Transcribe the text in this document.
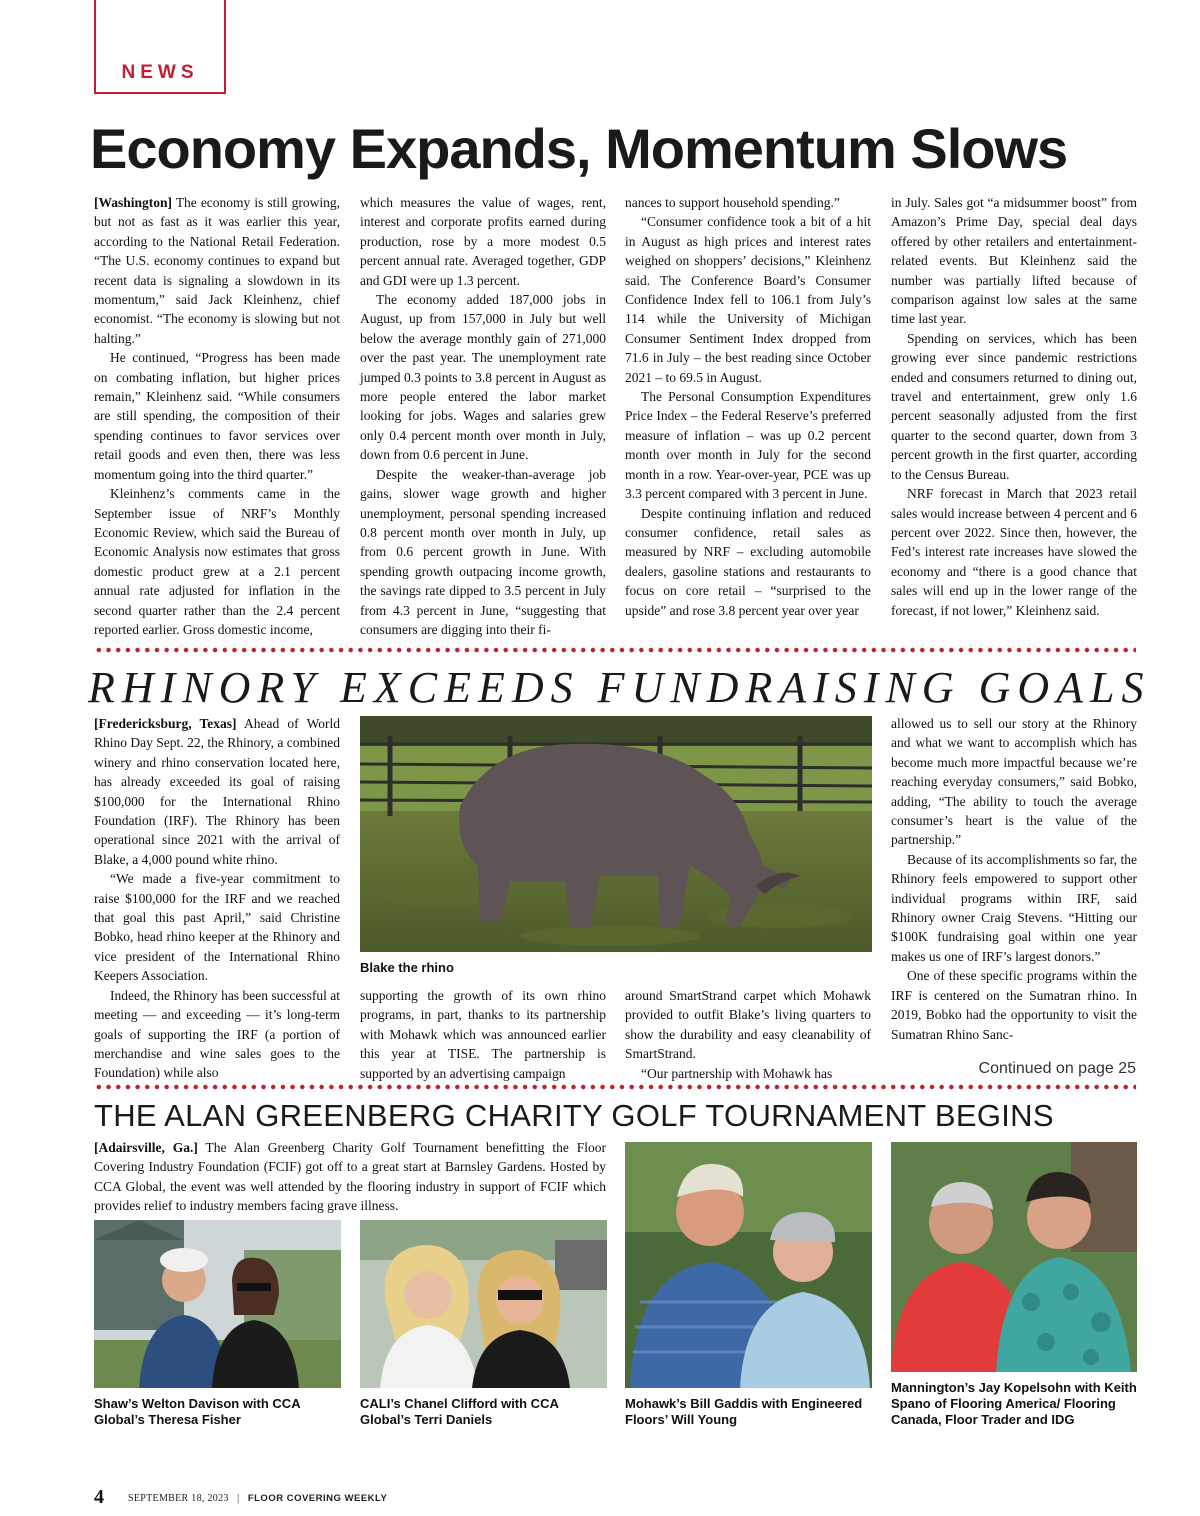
NEWS
Economy Expands, Momentum Slows

[Washington] The economy is still growing, but not as fast as it was earlier this year, according to the National Retail Federation. “The U.S. economy continues to expand but recent data is signaling a slowdown in its momentum,” said Jack Kleinhenz, chief economist. “The economy is slowing but not halting.”

He continued, “Progress has been made on combating inflation, but higher prices remain,” Kleinhenz said. “While consumers are still spending, the composition of their spending continues to favor services over retail goods and even then, there was less momentum going into the third quarter.”

Kleinhenz’s comments came in the September issue of NRF’s Monthly Economic Review, which said the Bureau of Economic Analysis now estimates that gross domestic product grew at a 2.1 percent annual rate adjusted for inflation in the second quarter rather than the 2.4 percent reported earlier. Gross domestic income,

which measures the value of wages, rent, interest and corporate profits earned during production, rose by a more modest 0.5 percent annual rate. Averaged together, GDP and GDI were up 1.3 percent.

The economy added 187,000 jobs in August, up from 157,000 in July but well below the average monthly gain of 271,000 over the past year. The unemployment rate jumped 0.3 points to 3.8 percent in August as more people entered the labor market looking for jobs. Wages and salaries grew only 0.4 percent month over month in July, down from 0.6 percent in June.

Despite the weaker-than-average job gains, slower wage growth and higher unemployment, personal spending increased 0.8 percent month over month in July, up from 0.6 percent growth in June. With spending growth outpacing income growth, the savings rate dipped to 3.5 percent in July from 4.3 percent in June, “suggesting that consumers are digging into their fi-

nances to support household spending.”

“Consumer confidence took a bit of a hit in August as high prices and interest rates weighed on shoppers’ decisions,” Kleinhenz said. The Conference Board’s Consumer Confidence Index fell to 106.1 from July’s 114 while the University of Michigan Consumer Sentiment Index dropped from 71.6 in July – the best reading since October 2021 – to 69.5 in August.

The Personal Consumption Expenditures Price Index – the Federal Reserve’s preferred measure of inflation – was up 0.2 percent month over month in July for the second month in a row. Year-over-year, PCE was up 3.3 percent compared with 3 percent in June.

Despite continuing inflation and reduced consumer confidence, retail sales as measured by NRF – excluding automobile dealers, gasoline stations and restaurants to focus on core retail – “surprised to the upside” and rose 3.8 percent year over year

in July. Sales got “a midsummer boost” from Amazon’s Prime Day, special deal days offered by other retailers and entertainment-related events. But Kleinhenz said the number was partially lifted because of comparison against low sales at the same time last year.

Spending on services, which has been growing ever since pandemic restrictions ended and consumers returned to dining out, travel and entertainment, grew only 1.6 percent seasonally adjusted from the first quarter to the second quarter, down from 3 percent growth in the first quarter, according to the Census Bureau.

NRF forecast in March that 2023 retail sales would increase between 4 percent and 6 percent over 2022. Since then, however, the Fed’s interest rate increases have slowed the economy and “there is a good chance that sales will end up in the lower range of the forecast, if not lower,” Kleinhenz said.

RHINORY EXCEEDS FUNDRAISING GOALS

[Fredericksburg, Texas] Ahead of World Rhino Day Sept. 22, the Rhinory, a combined winery and rhino conservation located here, has already exceeded its goal of raising $100,000 for the International Rhino Foundation (IRF). The Rhinory has been operational since 2021 with the arrival of Blake, a 4,000 pound white rhino.

“We made a five-year commitment to raise $100,000 for the IRF and we reached that goal this past April,” said Christine Bobko, head rhino keeper at the Rhinory and vice president of the International Rhino Keepers Association.

Indeed, the Rhinory has been successful at meeting — and exceeding — it’s long-term goals of supporting the IRF (a portion of merchandise and wine sales goes to the Foundation) while also

Blake the rhino

supporting the growth of its own rhino programs, in part, thanks to its partnership with Mohawk which was announced earlier this year at TISE. The partnership is supported by an advertising campaign

around SmartStrand carpet which Mohawk provided to outfit Blake’s living quarters to show the durability and easy cleanability of SmartStrand.

“Our partnership with Mohawk has

allowed us to sell our story at the Rhinory and what we want to accomplish which has become much more impactful because we’re reaching everyday consumers,” said Bobko, adding, “The ability to touch the average consumer’s heart is the value of the partnership.”

Because of its accomplishments so far, the Rhinory feels empowered to support other individual programs within IRF, said Rhinory owner Craig Stevens. “Hitting our $100K fundraising goal within one year makes us one of IRF’s largest donors.”

One of these specific programs within the IRF is centered on the Sumatran rhino. In 2019, Bobko had the opportunity to visit the Sumatran Rhino Sanc-

Continued on page 25
THE ALAN GREENBERG CHARITY GOLF TOURNAMENT BEGINS

[Adairsville, Ga.] The Alan Greenberg Charity Golf Tournament benefitting the Floor Covering Industry Foundation (FCIF) got off to a great start at Barnsley Gardens. Hosted by CCA Global, the event was well attended by the flooring industry in support of FCIF which provides relief to industry members facing grave illness.

Shaw’s Welton Davison with CCA Global’s Theresa Fisher
CALI’s Chanel Clifford with CCA Global’s Terri Daniels
Mohawk’s Bill Gaddis with Engineered Floors’ Will Young
Mannington’s Jay Kopelsohn with Keith Spano of Flooring America/ Flooring Canada, Floor Trader and IDG
4 SEPTEMBER 18, 2023 | FLOOR COVERING WEEKLY
